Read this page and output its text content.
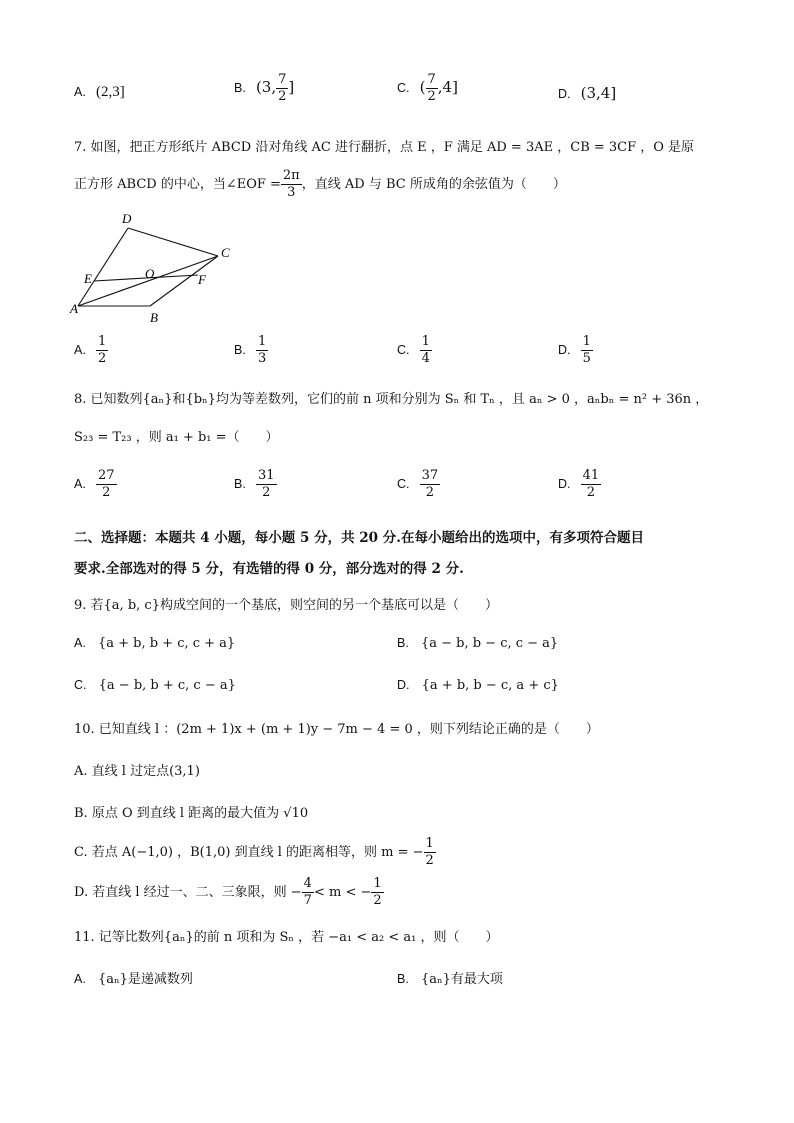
A. (2,3]	B. (3, $\frac{7}{2}$ ]	C. ( $\frac{7}{2} ,4$]	D. (3,4]
7. 如图，把正方形纸片 ABCD 沿对角线 AC 进行翻折，点 E ，F 满足 AD = 3AE ，CB = 3CF ，O 是原
正方形 ABCD 的中心，当∠EOF = $\frac{2\pi}{3}$ ，直线 AD 与 BC 所成角的余弦值为（　　）
D
C
E	O	F
A
B
A. $\frac{1}{2}$	B. $\frac{1}{3}$	C. $\frac{1}{4}$	D. $\frac{1}{5}$
8. 已知数列{aₙ}和{bₙ}均为等差数列，它们的前 n 项和分别为 Sₙ 和 Tₙ ，且 aₙ > 0 ，aₙbₙ = n² + 36n ，
S₂₃ = T₂₃ ，则 a₁ + b₁ =（　　）
A. $\frac{27}{2}$	B. $\frac{31}{2}$	C. $\frac{37}{2}$	D. $\frac{41}{2}$
二、选择题：本题共 4 小题，每小题 5 分，共 20 分.在每小题给出的选项中，有多项符合题目
要求.全部选对的得 5 分，有选错的得 0 分，部分选对的得 2 分.
9. 若{a, b, c}构成空间的一个基底，则空间的另一个基底可以是（　　）
A. {a + b, b + c, c + a}	B. {a − b, b − c, c − a}
C. {a − b, b + c, c − a}	D. {a + b, b − c, a + c}
10. 已知直线 l ：(2m + 1)x + (m + 1)y − 7m − 4 = 0 ，则下列结论正确的是（　　）
A. 直线 l 过定点(3,1)
B. 原点 O 到直线 l 距离的最大值为 √10
C. 若点 A(−1,0) ，B(1,0) 到直线 l 的距离相等，则 m = − $\frac{1}{2}$
D. 若直线 l 经过一、二、三象限，则 − $\frac{4}{7} < m$ < − $\frac{1}{2}$
11. 记等比数列{aₙ}的前 n 项和为 Sₙ ，若 −a₁ < a₂ < a₁ ，则（　　）
A. {aₙ}是递减数列	B. {aₙ}有最大项
